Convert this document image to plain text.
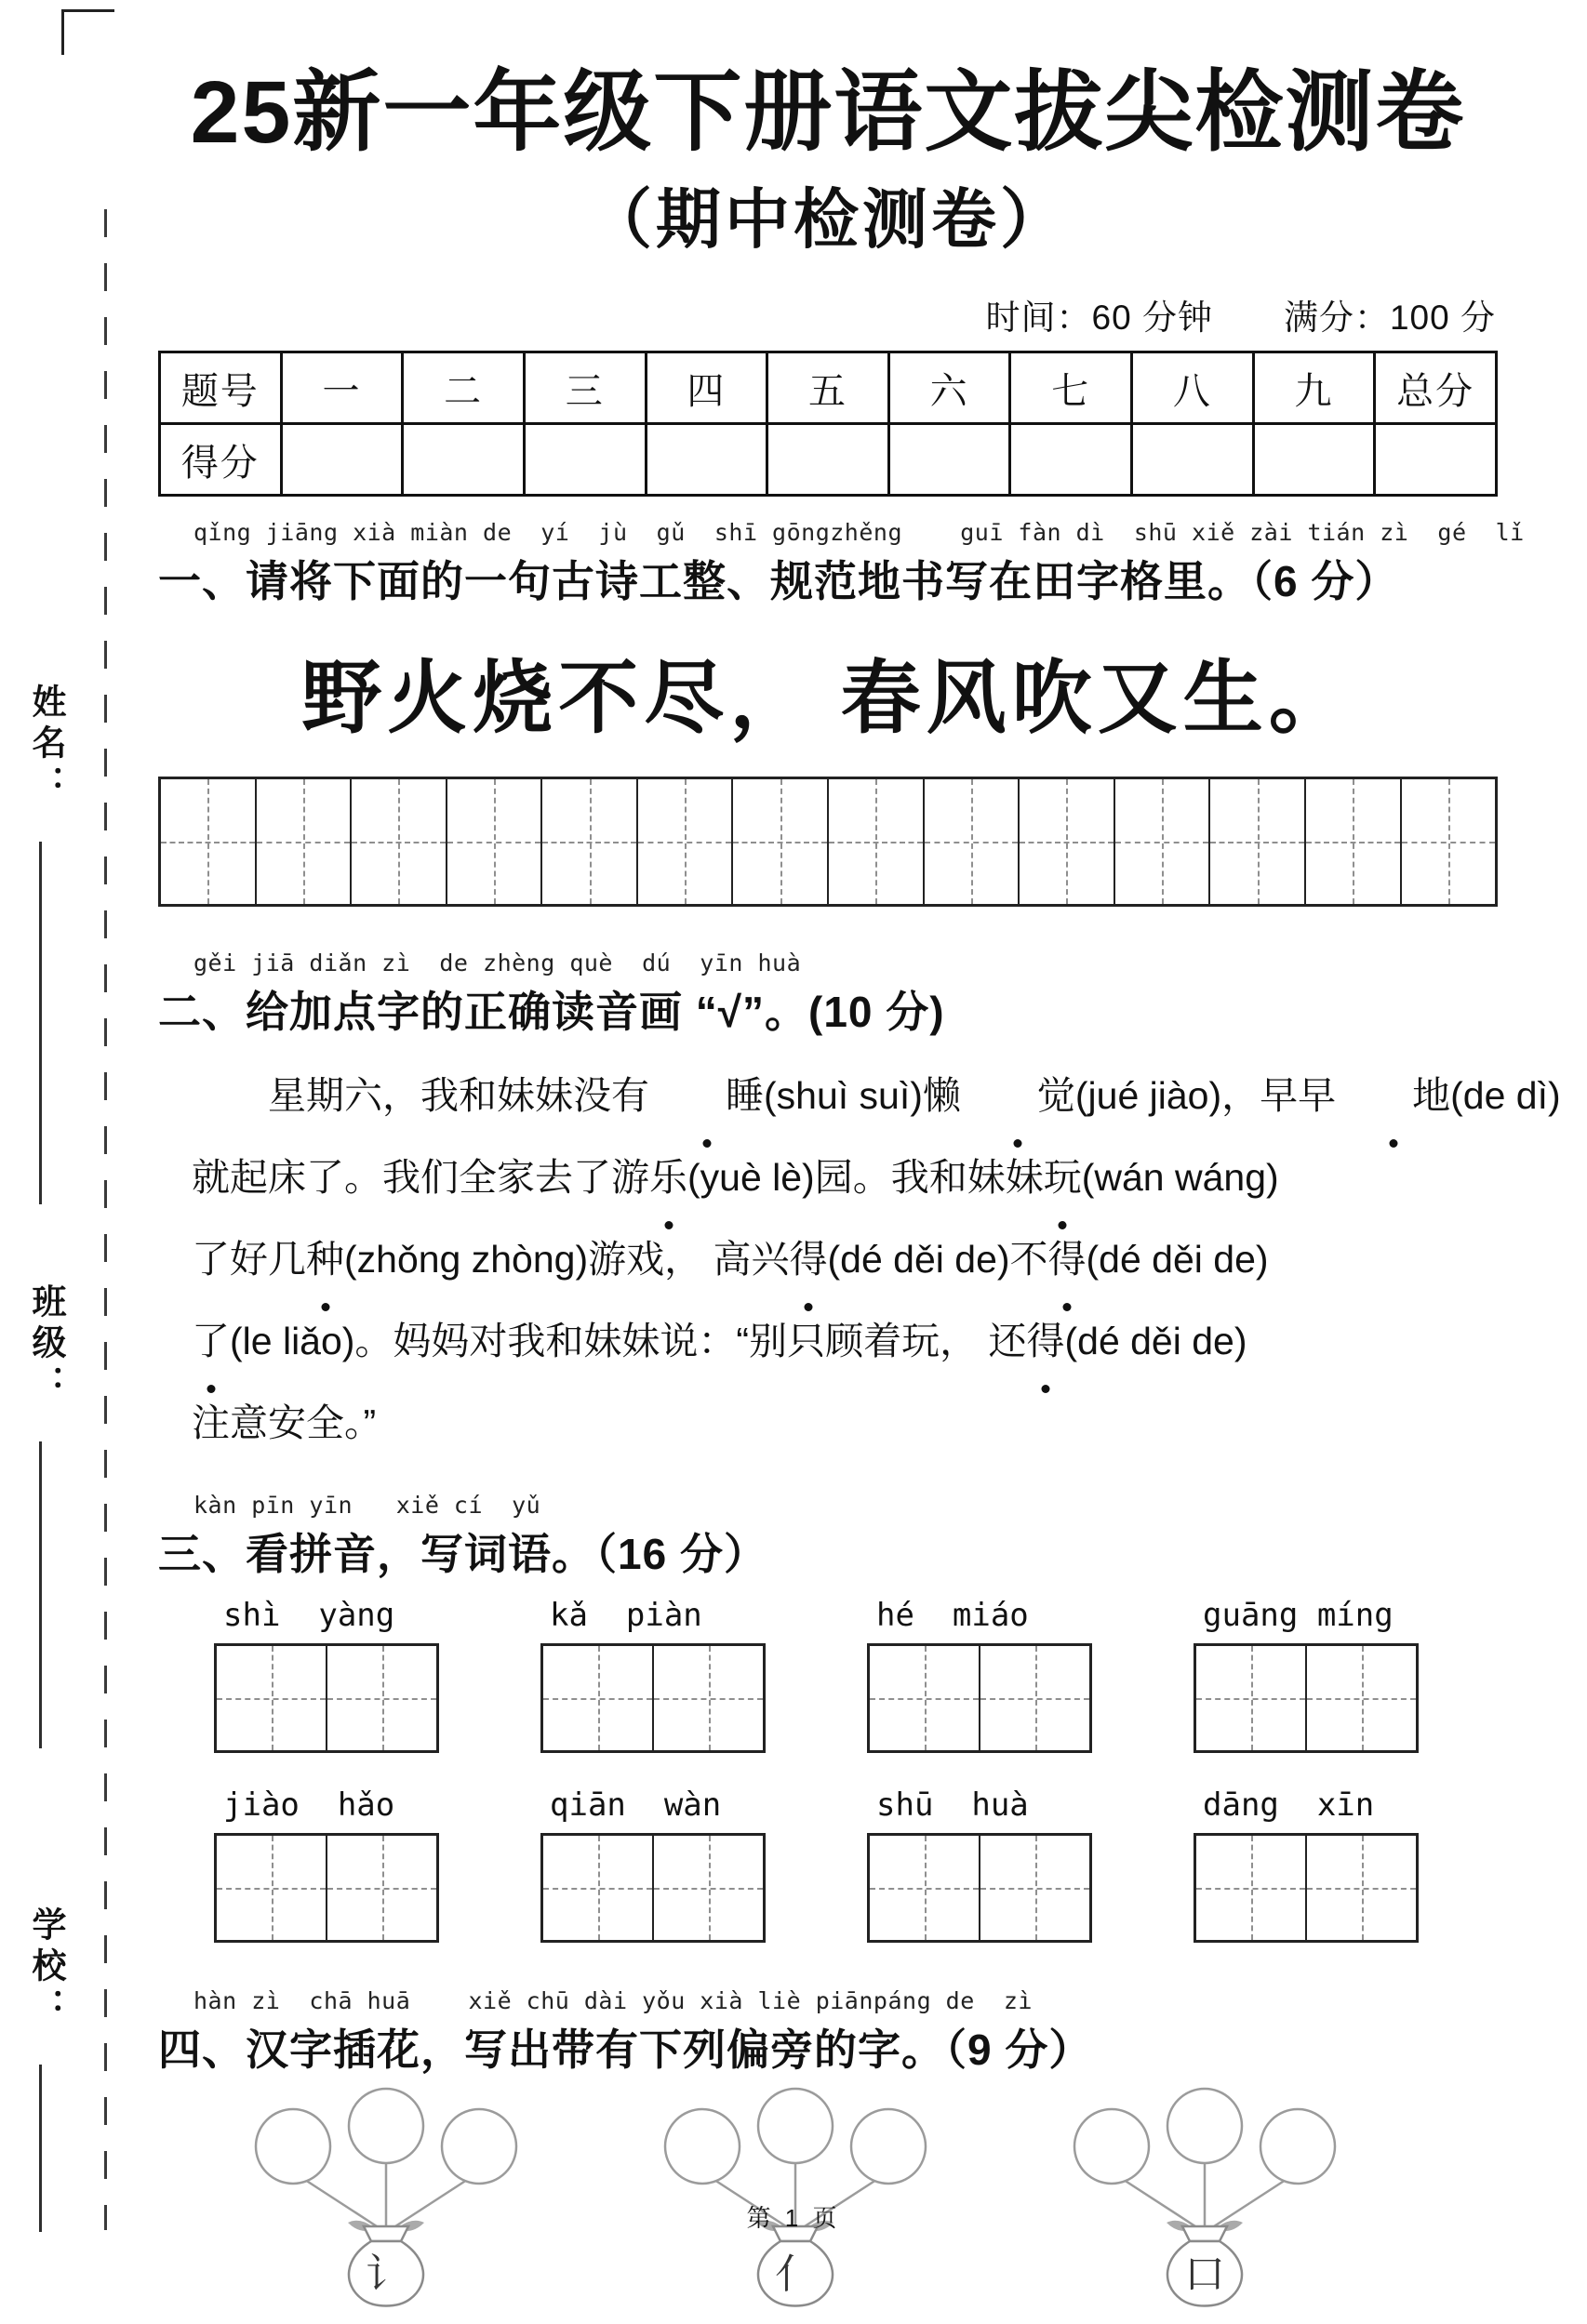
姓名：
班级：
学校：
25新一年级下册语文拔尖检测卷
（期中检测卷）
时间：60 分钟　　满分：100 分
题号	一	二	三	四	五	六	七	八	九	总分
得分										
qǐng jiāng xià miàn de  yí  jù  gǔ  shī gōngzhěng    guī fàn dì  shū xiě zài tián zì  gé  lǐ
一、请将下面的一句古诗工整、规范地书写在田字格里。（6 分）
野火烧不尽， 春风吹又生。
gěi jiā diǎn zì  de zhèng què  dú  yīn huà
二、给加点字的正确读音画 “√”。(10 分)
星期六，我和妹妹没有 睡(shuì suì)懒 觉(jué jiào)，早早 地(de dì)
就起床了。我们全家去了游乐(yuè lè)园。我和妹妹玩(wán wáng)
了好几种(zhǒng zhòng)游戏， 高兴得(dé děi de)不得(dé děi de)
了(le liǎo)。妈妈对我和妹妹说：“别只顾着玩， 还得(dé děi de)
注意安全。”
kàn pīn yīn   xiě cí  yǔ
三、看拼音，写词语。（16 分）
shì  yàng	kǎ  piàn	hé  miáo	guāng míng
jiào  hǎo	qiān  wàn	shū  huà	dāng  xīn
hàn zì  chā huā    xiě chū dài yǒu xià liè piānpáng de  zì
四、汉字插花，写出带有下列偏旁的字。（9 分）
讠	亻	口
第 1 页
